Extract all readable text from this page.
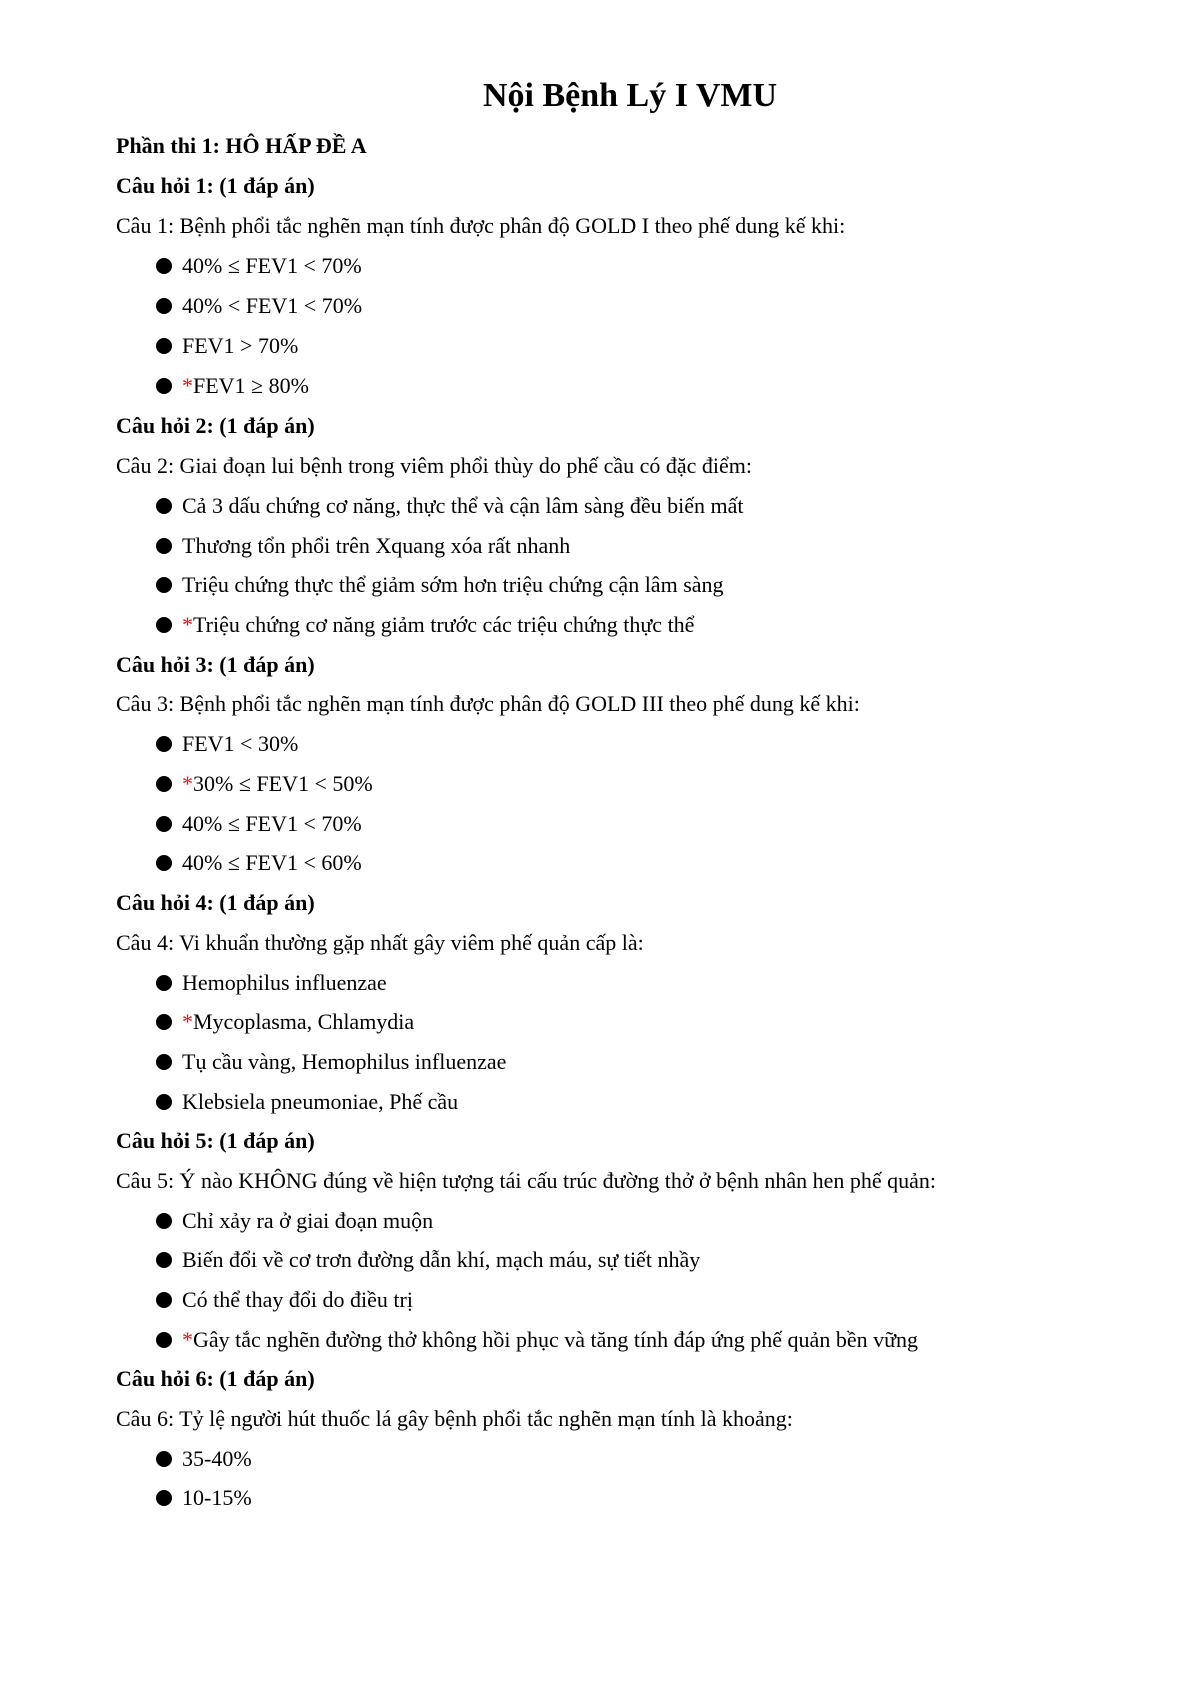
Nội Bệnh Lý I VMU
Phần thi 1: HÔ HẤP ĐỀ A
Câu hỏi 1: (1 đáp án)
Câu 1: Bệnh phổi tắc nghẽn mạn tính được phân độ GOLD I theo phế dung kế khi:
40% ≤ FEV1 < 70%
40% < FEV1 < 70%
FEV1 > 70%
*FEV1 ≥ 80%
Câu hỏi 2: (1 đáp án)
Câu 2: Giai đoạn lui bệnh trong viêm phổi thùy do phế cầu có đặc điểm:
Cả 3 dấu chứng cơ năng, thực thể và cận lâm sàng đều biến mất
Thương tổn phổi trên Xquang xóa rất nhanh
Triệu chứng thực thể giảm sớm hơn triệu chứng cận lâm sàng
*Triệu chứng cơ năng giảm trước các triệu chứng thực thể
Câu hỏi 3: (1 đáp án)
Câu 3: Bệnh phổi tắc nghẽn mạn tính được phân độ GOLD III theo phế dung kế khi:
FEV1 < 30%
*30% ≤ FEV1 < 50%
40% ≤ FEV1 < 70%
40% ≤ FEV1 < 60%
Câu hỏi 4: (1 đáp án)
Câu 4: Vi khuẩn thường gặp nhất gây viêm phế quản cấp là:
Hemophilus influenzae
*Mycoplasma, Chlamydia
Tụ cầu vàng, Hemophilus influenzae
Klebsiela pneumoniae, Phế cầu
Câu hỏi 5: (1 đáp án)
Câu 5: Ý nào KHÔNG đúng về hiện tượng tái cấu trúc đường thở ở bệnh nhân hen phế quản:
Chỉ xảy ra ở giai đoạn muộn
Biến đổi về cơ trơn đường dẫn khí, mạch máu, sự tiết nhầy
Có thể thay đổi do điều trị
*Gây tắc nghẽn đường thở không hồi phục và tăng tính đáp ứng phế quản bền vững
Câu hỏi 6: (1 đáp án)
Câu 6: Tỷ lệ người hút thuốc lá gây bệnh phổi tắc nghẽn mạn tính là khoảng:
35-40%
10-15%
